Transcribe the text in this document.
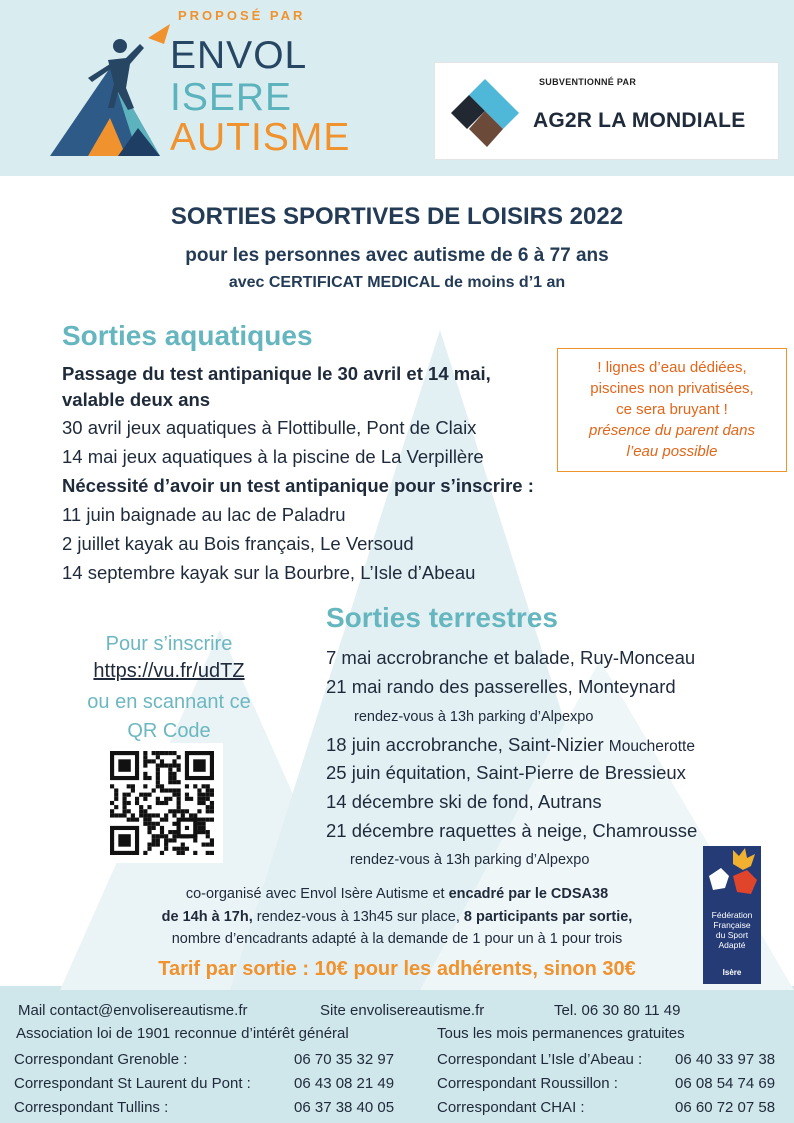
PROPOSÉ PAR
ENVOL
ISERE
AUTISME
SUBVENTIONNÉ PAR
AG2R LA MONDIALE
SORTIES SPORTIVES DE LOISIRS 2022
pour les personnes avec autisme de 6 à 77 ans
avec CERTIFICAT MEDICAL de moins d’1 an
Sorties aquatiques
Passage du test antipanique le 30 avril et 14 mai,
valable deux ans
30 avril jeux aquatiques à Flottibulle, Pont de Claix
14 mai jeux aquatiques à la piscine de La Verpillère
Nécessité d’avoir un test antipanique pour s’inscrire :
11 juin baignade au lac de Paladru
2 juillet kayak au Bois français, Le Versoud
14 septembre kayak sur la Bourbre, L’Isle d’Abeau
! lignes d’eau dédiées,
piscines non privatisées,
ce sera bruyant !
présence du parent dans
l’eau possible
Pour s’inscrire
https://vu.fr/udTZ
ou en scannant ce
QR Code
Sorties terrestres
7 mai accrobranche et balade, Ruy-Monceau
21 mai rando des passerelles, Monteynard
rendez-vous à 13h parking d’Alpexpo
18 juin accrobranche, Saint-Nizier Moucherotte
25 juin équitation, Saint-Pierre de Bressieux
14 décembre ski de fond, Autrans
21 décembre raquettes à neige, Chamrousse
rendez-vous à 13h parking d’Alpexpo
Fédération
Française
du Sport
Adapté
Isère
co-organisé avec Envol Isère Autisme et encadré par le CDSA38
de 14h à 17h, rendez-vous à 13h45 sur place, 8 participants par sortie,
nombre d’encadrants adapté à la demande de 1 pour un à 1 pour trois
Tarif par sortie : 10€ pour les adhérents, sinon 30€
Mail contact@envolisereautisme.fr	Site envolisereautisme.fr	Tel. 06 30 80 11 49
Association loi de 1901 reconnue d’intérêt général	Tous les mois permanences gratuites
Correspondant Grenoble :	06 70 35 32 97
Correspondant St Laurent du Pont :	06 43 08 21 49
Correspondant Tullins :	06 37 38 40 05
Correspondant L’Isle d’Abeau : 06 40 33 97 38
Correspondant Roussillon :	06 08 54 74 69
Correspondant CHAI :	06 60 72 07 58
